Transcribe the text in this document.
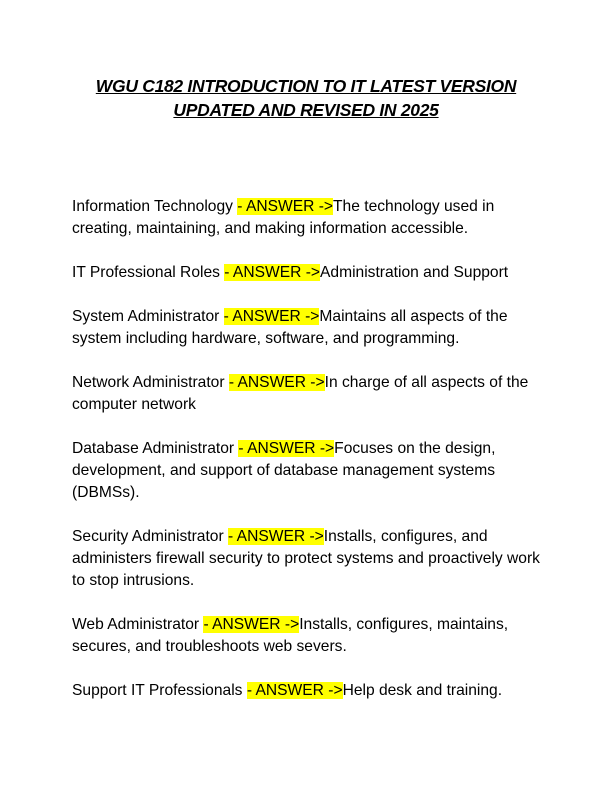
WGU C182 INTRODUCTION TO IT LATEST VERSION
UPDATED AND REVISED IN 2025

Information Technology - ANSWER ->The technology used in creating, maintaining, and making information accessible.

IT Professional Roles - ANSWER ->Administration and Support

System Administrator - ANSWER ->Maintains all aspects of the system including hardware, software, and programming.

Network Administrator - ANSWER ->In charge of all aspects of the computer network

Database Administrator - ANSWER ->Focuses on the design, development, and support of database management systems (DBMSs).

Security Administrator - ANSWER ->Installs, configures, and administers firewall security to protect systems and proactively work to stop intrusions.

Web Administrator - ANSWER ->Installs, configures, maintains, secures, and troubleshoots web severs.

Support IT Professionals - ANSWER ->Help desk and training.
